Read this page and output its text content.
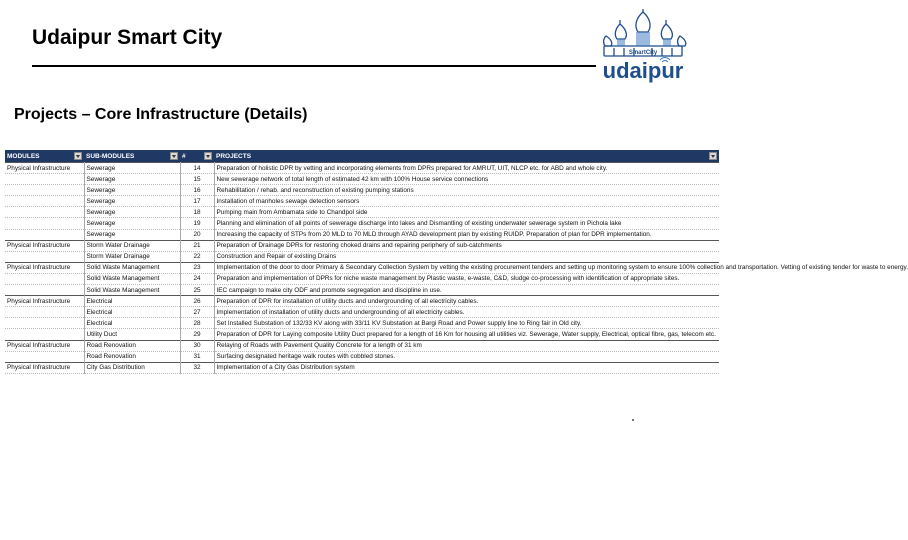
Udaipur Smart City
SmartCity
udaipur
Projects – Core Infrastructure (Details)
MODULES	SUB-MODULES	#	PROJECTS

Physical Infrastructure	Sewerage	14	Preparation of holistic DPR by vetting and incorporating elements from DPRs prepared for AMRUT, UIT, NLCP etc. for ABD and whole city.
	Sewerage	15	New sewerage network of total length of estimated 42 km with 100% House service connections
	Sewerage	16	Rehabilitation / rehab. and reconstruction of existing pumping stations
	Sewerage	17	Installation of manholes sewage detection sensors
	Sewerage	18	Pumping main from Ambamata side to Chandpol side
	Sewerage	19	Planning and elimination of all points of sewerage discharge into lakes and Dismantling of existing underwater sewerage system in Pichola lake
	Sewerage	20	Increasing the capacity of STPs from 20 MLD to 70 MLD through AYAD development plan by existing RUIDP. Preparation of plan for DPR implementation.
Physical Infrastructure	Storm Water Drainage	21	Preparation of Drainage DPRs for restoring choked drains and repairing periphery of sub-catchments
	Storm Water Drainage	22	Construction and Repair of existing Drains
Physical Infrastructure	Solid Waste Management	23	Implementation of the door to door Primary & Secondary Collection System by vetting the existing procurement tenders and setting up monitoring system to ensure 100% collection and transportation. Vetting of existing tender for waste to energy.
	Solid Waste Management	24	Preparation and implementation of DPRs for niche waste management by Plastic waste, e-waste, C&D, sludge co-processing with identification of appropriate sites.
	Solid Waste Management	25	IEC campaign to make city ODF and promote segregation and discipline in use.
Physical Infrastructure	Electrical	26	Preparation of DPR for installation of utility ducts and undergrounding of all electricity cables.
	Electrical	27	Implementation of installation of utility ducts and undergrounding of all electricity cables.
	Electrical	28	Set Installed Substation of 132/33 KV along with 33/11 KV Substation at Bargi Road and Power supply line to Ring fair in Old city.
	Utility Duct	29	Preparation of DPR for Laying composite Utility Duct prepared for a length of 16 Km for housing all utilities viz. Sewerage, Water supply, Electrical, optical fibre, gas, telecom etc.
Physical Infrastructure	Road Renovation	30	Relaying of Roads with Pavement Quality Concrete for a length of 31 km
	Road Renovation	31	Surfacing designated heritage walk routes with cobbled stones.
Physical Infrastructure	City Gas Distribution	32	Implementation of a City Gas Distribution system
